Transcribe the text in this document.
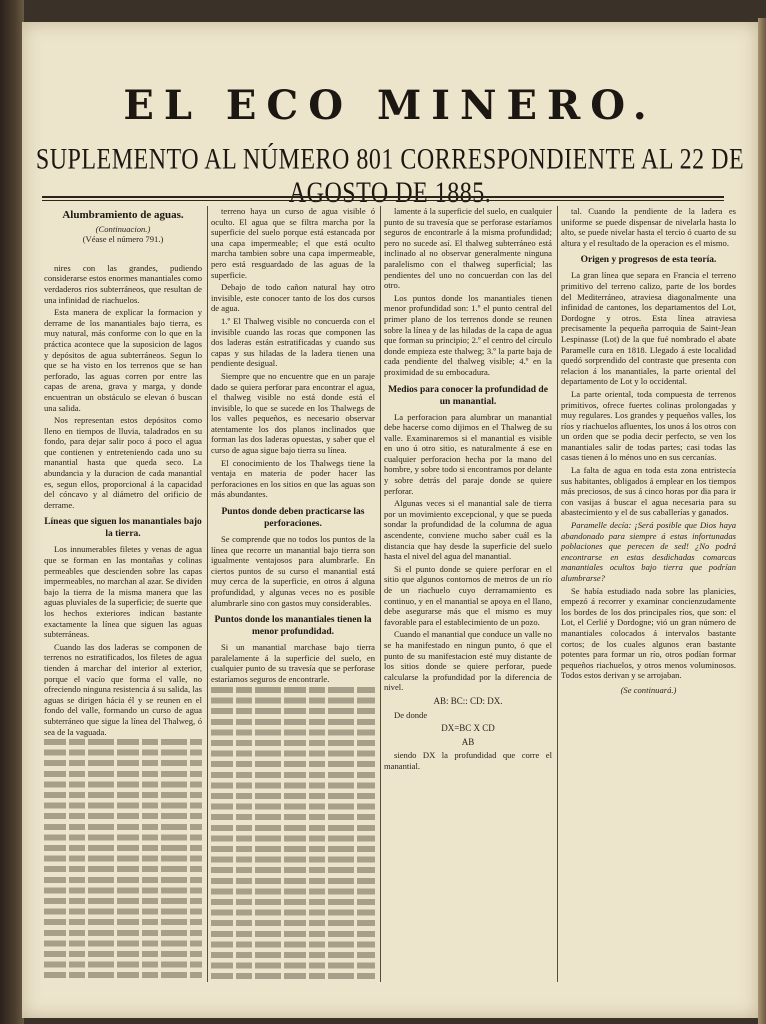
EL ECO MINERO.
SUPLEMENTO AL NÚMERO 801 CORRESPONDIENTE AL 22 DE AGOSTO DE 1885.
Alumbramiento de aguas.
(Continuacion.)
(Véase el número 791.)

nires con las grandes, pudiendo considerarse estos enormes manantiales como verdaderos rios subterráneos, que resultan de una infinidad de riachuelos.

Esta manera de explicar la formacion y derrame de los manantiales bajo tierra, es muy natural, más conforme con lo que en la práctica acontece que la suposicion de lagos y depósitos de agua subterráneos. Segun lo que se ha visto en los terrenos que se han perforado, las aguas corren por entre las capas de arena, grava y marga, y donde encuentran un obstáculo se elevan ó buscan una salida.

Nos representan estos depósitos como lleno en tiempos de lluvia, taladrados en su fondo, para dejar salir poco á poco el agua que contienen y entreteniendo cada uno su manantial hasta que queda seco. La abundancia y la duracion de cada manantial es, segun ellos, proporcional á la capacidad del cóncavo y al diámetro del orificio de derrame.

Líneas que siguen los manantiales bajo la tierra.

Los innumerables filetes y venas de agua que se forman en las montañas y colinas permeables que descienden sobre las capas impermeables, no marchan al azar. Se dividen bajo la tierra de la misma manera que las aguas pluviales de la superficie; de suerte que los hechos exteriores indican bastante exactamente la línea que siguen las aguas subterráneas.

Cuando las dos laderas se componen de terrenos no estratificados, los filetes de agua tienden á marchar del interior al exterior, porque el vacío que forma el valle, no ofreciendo ninguna resistencia á su salida, las aguas se dirigen hácia él y se reunen en el fondo del valle, formando un curso de agua subterráneo que sigue la línea del Thalweg, ó sea de la vaguada.

terreno haya un curso de agua visible ó oculto. El agua que se filtra marcha por la superficie del suelo porque está estancada por una capa impermeable; el que está oculto marcha tambien sobre una capa impermeable, pero está resguardado de las aguas de la superficie.

Debajo de todo cañon natural hay otro invisible, este conocer tanto de los dos cursos de agua.

1.º El Thalweg visible no concuerda con el invisible cuando las rocas que componen las dos laderas están estratificadas y cuando sus capas y sus hiladas de la ladera tienen una pendiente desigual.

Siempre que no encuentre que en un paraje dado se quiera perforar para encontrar el agua, el thalweg visible no está donde está el invisible, lo que se sucede en los Thalwegs de los valles pequeños, es necesario observar atentamente los dos planos inclinados que forman las dos laderas opuestas, y saber que el curso de agua sigue bajo tierra su línea.

El conocimiento de los Thalwegs tiene la ventaja en materia de poder hacer las perforaciones en los sitios en que las aguas son más abundantes.

Puntos donde deben practicarse las perforaciones.

Se comprende que no todos los puntos de la línea que recorre un manantial bajo tierra son igualmente ventajosos para alumbrarle. En ciertos puntos de su curso el manantial está muy cerca de la superficie, en otros á alguna profundidad, y algunas veces no es posible alumbrarle sino con gastos muy considerables.

Puntos donde los manantiales tienen la menor profundidad.

Si un manantial marchase bajo tierra paralelamente á la superficie del suelo, en cualquier punto de su travesía que se perforase estaríamos seguros de encontrarle.

lamente á la superficie del suelo, en cualquier punto de su travesía que se perforase estaríamos seguros de encontrarle á la misma profundidad; pero no sucede así. El thalweg subterráneo está inclinado al no observar generalmente ninguna paralelismo con el thalweg superficial; las pendientes del uno no concuerdan con las del otro.

Los puntos donde los manantiales tienen menor profundidad son: 1.º el punto central del primer plano de los terrenos donde se reunen sobre la línea y de las hiladas de la capa de agua que forman su principio; 2.º el centro del círculo donde empieza este thalweg; 3.º la parte baja de cada pendiente del thalweg visible; 4.º en la proximidad de su embocadura.

Medios para conocer la profundidad de un manantial.

La perforacion para alumbrar un manantial debe hacerse como dijimos en el Thalweg de su valle. Examinaremos si el manantial es visible en uno ú otro sitio, es naturalmente á ese en cualquier perforacion hecha por la mano del hombre, y sobre todo si encontramos por delante y sobre detrás del paraje donde se quiere perforar.

Algunas veces si el manantial sale de tierra por un movimiento excepcional, y que se pueda sondar la profundidad de la columna de agua ascendente, conviene mucho saber cuál es la distancia que hay desde la superficie del suelo hasta el nivel del agua del manantial.

Si el punto donde se quiere perforar en el sitio que algunos contornos de metros de un río de un riachuelo cuyo derramamiento es continuo, y en el manantial se apoya en el llano, debe asegurarse más que el mismo es muy favorable para el establecimiento de un pozo.

Cuando el manantial que conduce un valle no se ha manifestado en ningun punto, ó que el punto de su manifestacion esté muy distante de los sitios donde se quiere perforar, puede calcularse la profundidad por la diferencia de nivel.

AB: BC:: CD: DX.
De donde
DX=BC X CD
AB

siendo DX la profundidad que corre el manantial.

tal. Cuando la pendiente de la ladera es uniforme se puede dispensar de nivelarla hasta lo alto, se puede nivelar hasta el tercio ó cuarto de su altura y el resultado de la operacion es el mismo.

Origen y progresos de esta teoría.

La gran línea que separa en Francia el terreno primitivo del terreno calizo, parte de los bordes del Mediterráneo, atraviesa diagonalmente una infinidad de cantones, los departamentos del Lot, Dordogne y otros. Esta línea atraviesa precisamente la pequeña parroquia de Saint-Jean Lespinasse (Lot) de la que fué nombrado el abate Paramelle cura en 1818. Llegado á este localidad quedó sorprendido del contraste que presenta con relacion á los manantiales, la parte oriental del departamento de Lot y lo occidental.

La parte oriental, toda compuesta de terrenos primitivos, ofrece fuertes colinas prolongadas y muy regulares. Los grandes y pequeños valles, los ríos y riachuelos afluentes, los unos á los otros con un orden que se podia decir perfecto, se ven los manantiales salir de todas partes; casi todas las casas tienen á lo ménos uno en sus cercanías.

La falta de agua en toda esta zona entristecía sus habitantes, obligados á emplear en los tiempos más preciosos, de sus á cinco horas por dia para ir con vasijas á buscar el agua necesaria para su abastecimiento y el de sus caballerías y ganados.

Paramelle decía: ¡Será posible que Dios haya abandonado para siempre á estas infortunadas poblaciones que perecen de sed! ¿No podrá encontrarse en estas desdichadas comarcas manantiales ocultos bajo tierra que podrían alumbrarse?

Se había estudiado nada sobre las planicies, empezó á recorrer y examinar concienzudamente los bordes de los dos principales ríos, que son: el Lot, el Cerlié y Dordogne; vió un gran número de manantiales colocados á intervalos bastante cortos; de los cuales algunos eran bastante potentes para formar un río, otros podían formar pequeños riachuelos, y otros menos voluminosos. Todos estos derivan y se arrojaban.

(Se continuará.)
